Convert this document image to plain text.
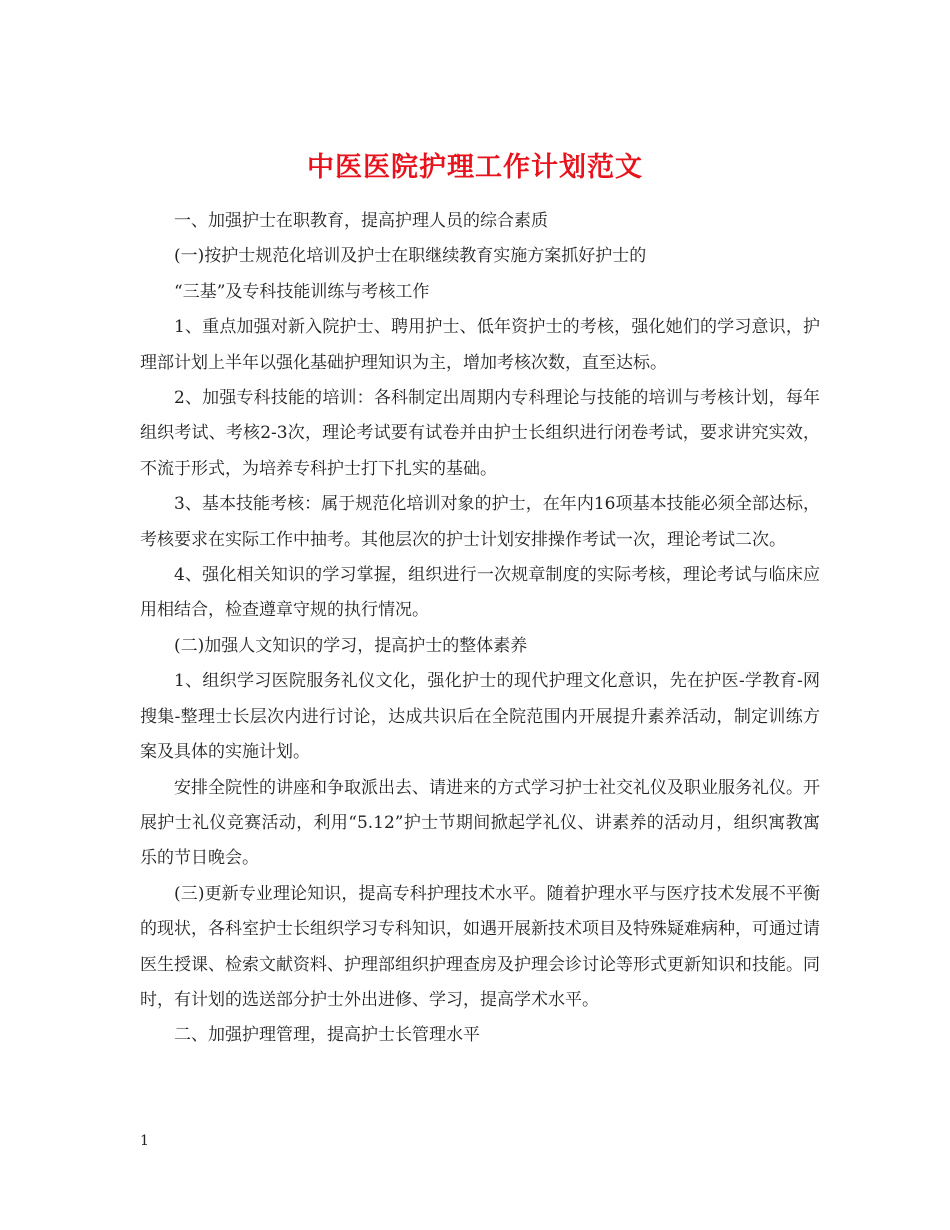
中医医院护理工作计划范文

一、加强护士在职教育，提高护理人员的综合素质

(一)按护士规范化培训及护士在职继续教育实施方案抓好护士的

“三基”及专科技能训练与考核工作

1、重点加强对新入院护士、聘用护士、低年资护士的考核，强化她们的学习意识，护理部计划上半年以强化基础护理知识为主，增加考核次数，直至达标。

2、加强专科技能的培训：各科制定出周期内专科理论与技能的培训与考核计划，每年组织考试、考核2-3次，理论考试要有试卷并由护士长组织进行闭卷考试，要求讲究实效，不流于形式，为培养专科护士打下扎实的基础。

3、基本技能考核：属于规范化培训对象的护士，在年内16项基本技能必须全部达标，考核要求在实际工作中抽考。其他层次的护士计划安排操作考试一次，理论考试二次。

4、强化相关知识的学习掌握，组织进行一次规章制度的实际考核，理论考试与临床应用相结合，检查遵章守规的执行情况。

(二)加强人文知识的学习，提高护士的整体素养

1、组织学习医院服务礼仪文化，强化护士的现代护理文化意识，先在护医-学教育-网搜集-整理士长层次内进行讨论，达成共识后在全院范围内开展提升素养活动，制定训练方案及具体的实施计划。

安排全院性的讲座和争取派出去、请进来的方式学习护士社交礼仪及职业服务礼仪。开展护士礼仪竞赛活动，利用“5.12”护士节期间掀起学礼仪、讲素养的活动月，组织寓教寓乐的节日晚会。

(三)更新专业理论知识，提高专科护理技术水平。随着护理水平与医疗技术发展不平衡的现状，各科室护士长组织学习专科知识，如遇开展新技术项目及特殊疑难病种，可通过请医生授课、检索文献资料、护理部组织护理查房及护理会诊讨论等形式更新知识和技能。同时，有计划的选送部分护士外出进修、学习，提高学术水平。

二、加强护理管理，提高护士长管理水平

1
